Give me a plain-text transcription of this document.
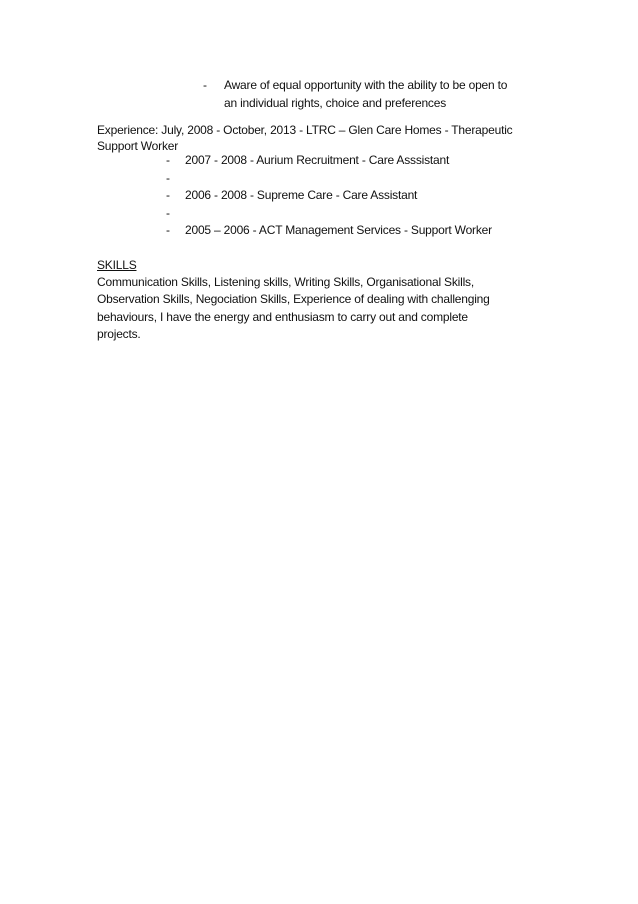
- Aware of equal opportunity with the ability to be open to
an individual rights, choice and preferences
Experience: July, 2008 - October, 2013 - LTRC – Glen Care Homes - Therapeutic
Support Worker
- 2007 - 2008 - Aurium Recruitment - Care Asssistant
-
- 2006 - 2008 - Supreme Care - Care Assistant
-
- 2005 – 2006 - ACT Management Services - Support Worker
SKILLS
Communication Skills, Listening skills, Writing Skills, Organisational Skills,
Observation Skills, Negociation Skills, Experience of dealing with challenging
behaviours, I have the energy and enthusiasm to carry out and complete
projects.
